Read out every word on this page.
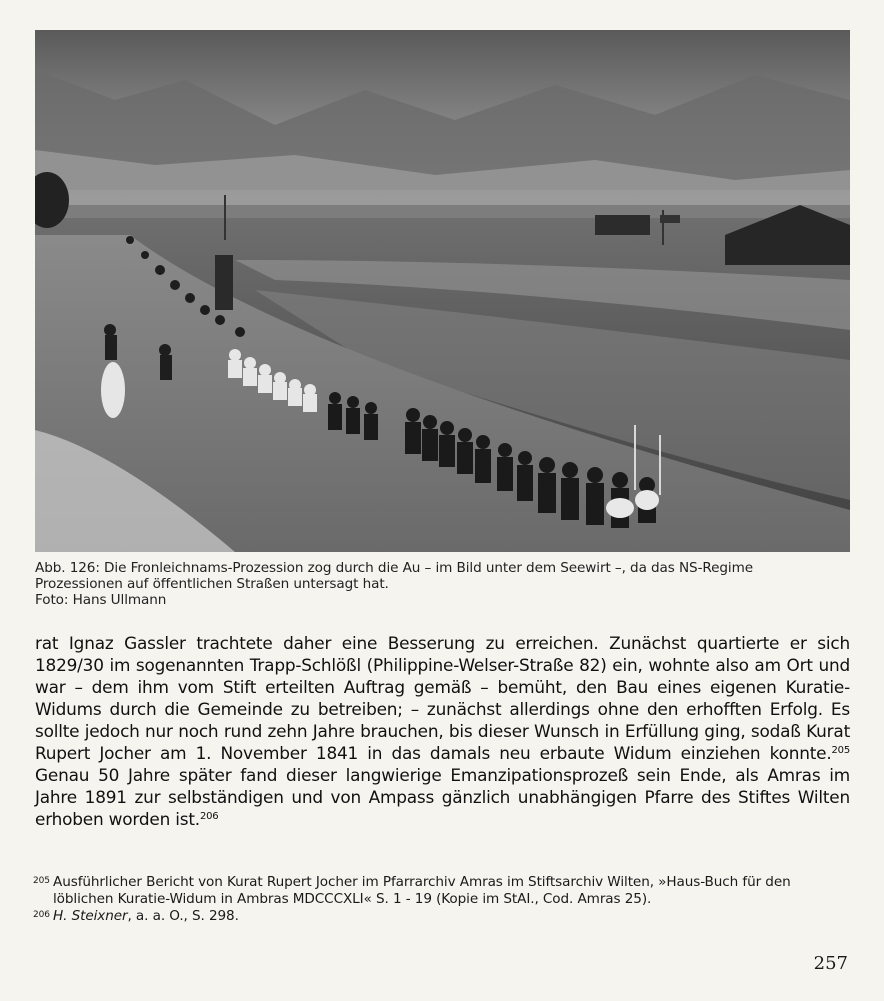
Abb. 126: Die Fronleichnams-Prozession zog durch die Au – im Bild unter dem Seewirt –, da das NS-Regime

Prozessionen auf öffentlichen Straßen untersagt hat.

Foto: Hans Ullmann

rat Ignaz Gassler trachtete daher eine Besserung zu erreichen. Zunächst quartierte er sich 1829/30 im sogenannten Trapp-Schlößl (Philippine-Welser-Straße 82) ein, wohnte also am Ort und war – dem ihm vom Stift erteilten Auftrag gemäß – bemüht, den Bau eines eigenen Kuratie-Widums durch die Gemeinde zu betreiben; – zunächst allerdings ohne den erhofften Erfolg. Es sollte jedoch nur noch rund zehn Jahre brauchen, bis dieser Wunsch in Erfüllung ging, sodaß Kurat Rupert Jocher am 1. November 1841 in das damals neu erbaute Widum einziehen konnte.$^{205}$ Genau 50 Jahre später fand dieser langwierige Emanzipationsprozeß sein Ende, als Amras im Jahre 1891 zur selbständigen und von Ampass gänzlich unabhängigen Pfarre des Stiftes Wilten erhoben worden ist.$^{206}$

205 Ausführlicher Bericht von Kurat Rupert Jocher im Pfarrarchiv Amras im Stiftsarchiv Wilten, »Haus-Buch für den löblichen Kuratie-Widum in Ambras MDCCCXLI« S. 1 - 19 (Kopie im StAI., Cod. Amras 25).
206 H. Steixner, a. a. O., S. 298.
257
